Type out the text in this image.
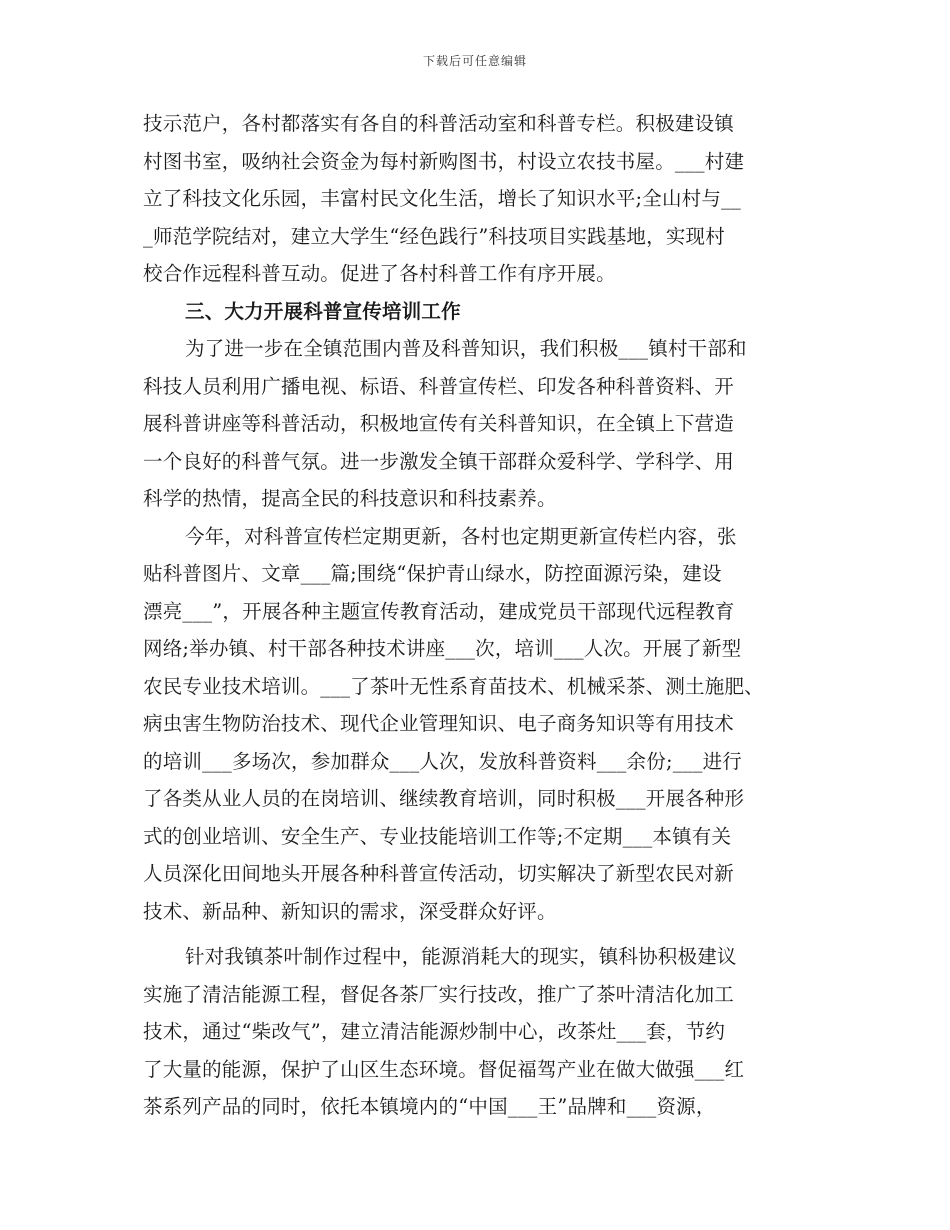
下载后可任意编辑
技示范户，各村都落实有各自的科普活动室和科普专栏。积极建设镇
村图书室，吸纳社会资金为每村新购图书，村设立农技书屋。___村建
立了科技文化乐园，丰富村民文化生活，增长了知识水平;全山村与__
_师范学院结对，建立大学生“经色践行”科技项目实践基地，实现村
校合作远程科普互动。促进了各村科普工作有序开展。
三、大力开展科普宣传培训工作
为了进一步在全镇范围内普及科普知识，我们积极___镇村干部和
科技人员利用广播电视、标语、科普宣传栏、印发各种科普资料、开
展科普讲座等科普活动，积极地宣传有关科普知识，在全镇上下营造
一个良好的科普气氛。进一步激发全镇干部群众爱科学、学科学、用
科学的热情，提高全民的科技意识和科技素养。
今年，对科普宣传栏定期更新，各村也定期更新宣传栏内容，张
贴科普图片、文章___篇;围绕“保护青山绿水，防控面源污染，建设
漂亮___”，开展各种主题宣传教育活动，建成党员干部现代远程教育
网络;举办镇、村干部各种技术讲座___次，培训___人次。开展了新型
农民专业技术培训。___了茶叶无性系育苗技术、机械采茶、测土施肥、
病虫害生物防治技术、现代企业管理知识、电子商务知识等有用技术
的培训___多场次，参加群众___人次，发放科普资料___余份;___进行
了各类从业人员的在岗培训、继续教育培训，同时积极___开展各种形
式的创业培训、安全生产、专业技能培训工作等;不定期___本镇有关
人员深化田间地头开展各种科普宣传活动，切实解决了新型农民对新
技术、新品种、新知识的需求，深受群众好评。
针对我镇茶叶制作过程中，能源消耗大的现实，镇科协积极建议
实施了清洁能源工程，督促各茶厂实行技改，推广了茶叶清洁化加工
技术，通过“柴改气”，建立清洁能源炒制中心，改茶灶___套，节约
了大量的能源，保护了山区生态环境。督促福驾产业在做大做强___红
茶系列产品的同时，依托本镇境内的“中国___王”品牌和___资源，
